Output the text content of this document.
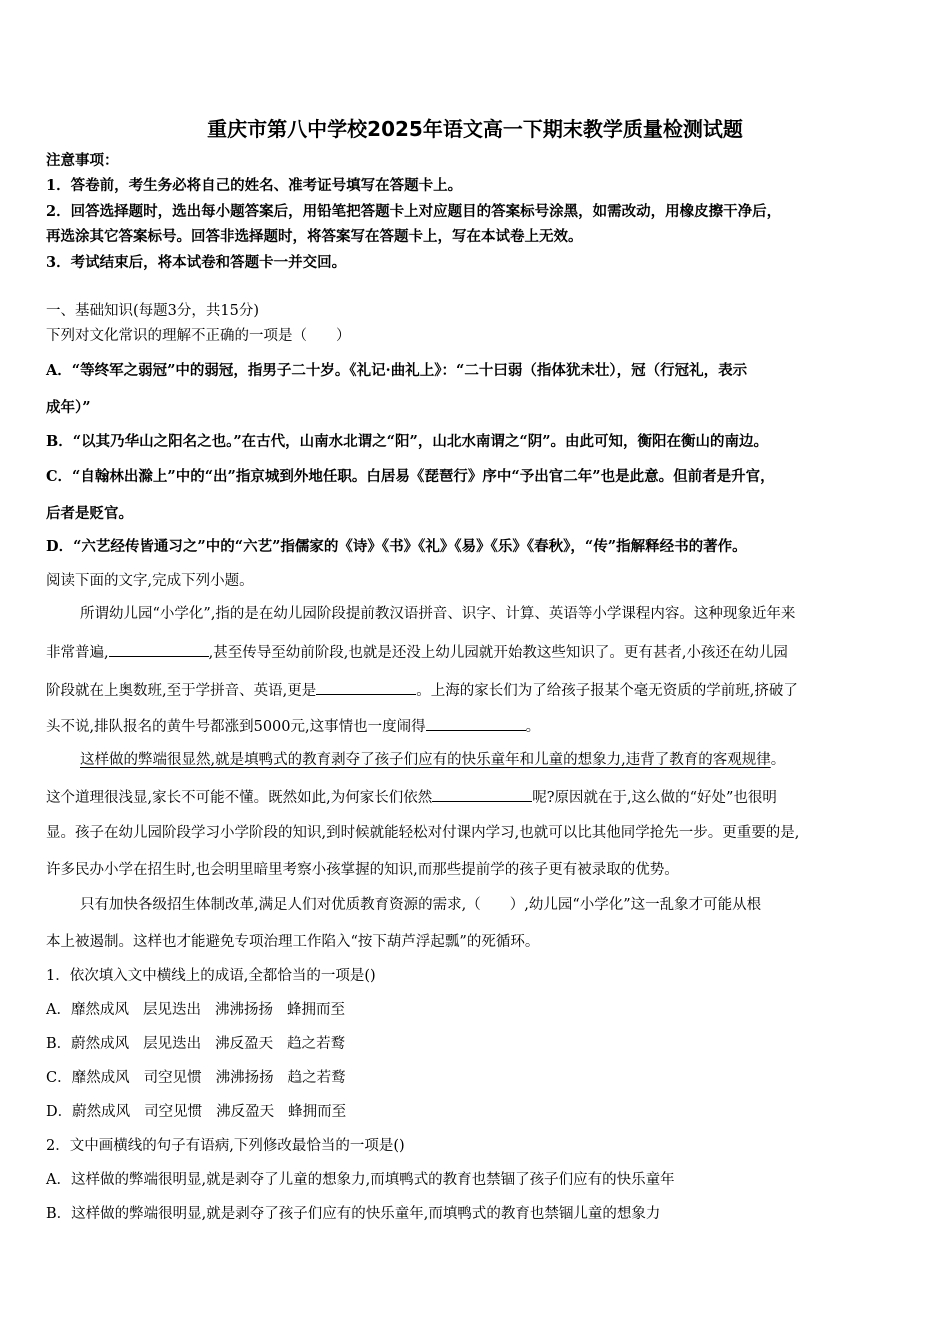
重庆市第八中学校2025年语文高一下期末教学质量检测试题
注意事项：
1．答卷前，考生务必将自己的姓名、准考证号填写在答题卡上。
2．回答选择题时，选出每小题答案后，用铅笔把答题卡上对应题目的答案标号涂黑，如需改动，用橡皮擦干净后，
再选涂其它答案标号。回答非选择题时，将答案写在答题卡上，写在本试卷上无效。
3．考试结束后，将本试卷和答题卡一并交回。
一、基础知识(每题3分，共15分)
下列对文化常识的理解不正确的一项是（　　）
A．“等终军之弱冠”中的弱冠，指男子二十岁。《礼记·曲礼上》：“二十曰弱（指体犹未壮），冠（行冠礼，表示
成年）”
B．“以其乃华山之阳名之也。”在古代，山南水北谓之“阳”，山北水南谓之“阴”。由此可知，衡阳在衡山的南边。
C．“自翰林出滁上”中的“出”指京城到外地任职。白居易《琵琶行》序中“予出官二年”也是此意。但前者是升官，
后者是贬官。
D．“六艺经传皆通习之”中的“六艺”指儒家的《诗》《书》《礼》《易》《乐》《春秋》，“传”指解释经书的著作。
阅读下面的文字,完成下列小题。
所谓幼儿园“小学化”,指的是在幼儿园阶段提前教汉语拼音、识字、计算、英语等小学课程内容。这种现象近年来
非常普遍,	,甚至传导至幼前阶段,也就是还没上幼儿园就开始教这些知识了。更有甚者,小孩还在幼儿园
阶段就在上奥数班,至于学拼音、英语,更是	。上海的家长们为了给孩子报某个毫无资质的学前班,挤破了
头不说,排队报名的黄牛号都涨到5000元,这事情也一度闹得	。
这样做的弊端很显然,就是填鸭式的教育剥夺了孩子们应有的快乐童年和儿童的想象力,违背了教育的客观规律。
这个道理很浅显,家长不可能不懂。既然如此,为何家长们依然	呢?原因就在于,这么做的“好处”也很明
显。孩子在幼儿园阶段学习小学阶段的知识,到时候就能轻松对付课内学习,也就可以比其他同学抢先一步。更重要的是,
许多民办小学在招生时,也会明里暗里考察小孩掌握的知识,而那些提前学的孩子更有被录取的优势。
只有加快各级招生体制改革,满足人们对优质教育资源的需求,（　　）,幼儿园“小学化”这一乱象才可能从根
本上被遏制。这样也才能避免专项治理工作陷入“按下葫芦浮起瓢”的死循环。
1．依次填入文中横线上的成语,全都恰当的一项是()
A．靡然成风 层见迭出 沸沸扬扬 蜂拥而至
B．蔚然成风 层见迭出 沸反盈天 趋之若鹜
C．靡然成风 司空见惯 沸沸扬扬 趋之若鹜
D．蔚然成风 司空见惯 沸反盈天 蜂拥而至
2．文中画横线的句子有语病,下列修改最恰当的一项是()
A．这样做的弊端很明显,就是剥夺了儿童的想象力,而填鸭式的教育也禁锢了孩子们应有的快乐童年
B．这样做的弊端很明显,就是剥夺了孩子们应有的快乐童年,而填鸭式的教育也禁锢儿童的想象力
